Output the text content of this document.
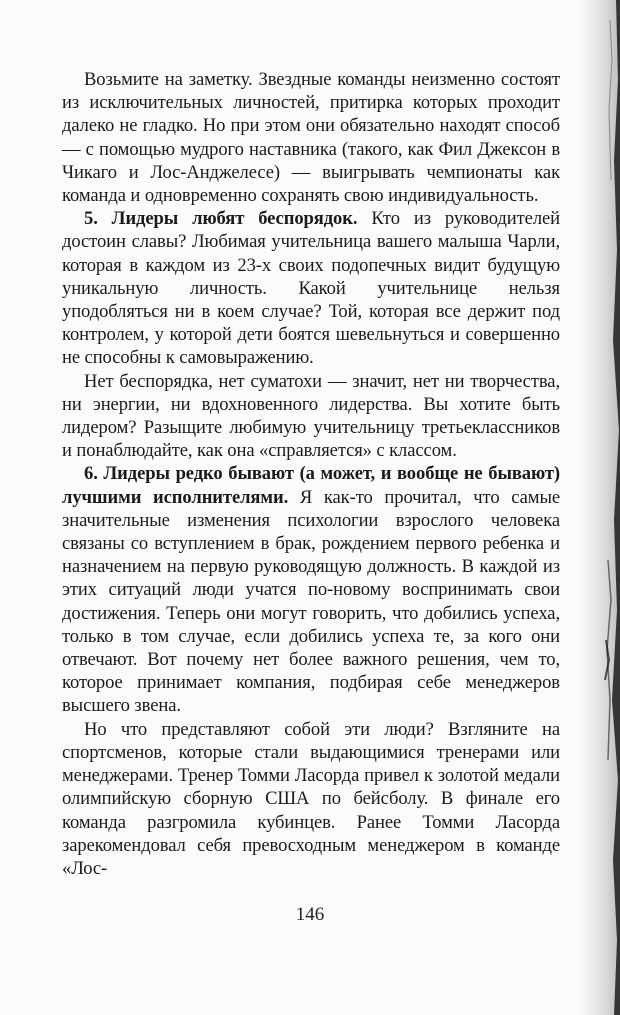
Возьмите на заметку. Звездные команды неизменно состоят из исключительных личностей, притирка которых проходит далеко не гладко. Но при этом они обязательно находят способ — с помощью мудрого наставника (такого, как Фил Джексон в Чикаго и Лос-Анджелесе) — выигрывать чемпионаты как команда и одновременно сохранять свою индивидуальность.

5. Лидеры любят беспорядок. Кто из руководителей достоин славы? Любимая учительница вашего малыша Чарли, которая в каждом из 23-х своих подопечных видит будущую уникальную личность. Какой учительнице нельзя уподобляться ни в коем случае? Той, которая все держит под контролем, у которой дети боятся шевельнуться и совершенно не способны к самовыражению.

Нет беспорядка, нет суматохи — значит, нет ни творчества, ни энергии, ни вдохновенного лидерства. Вы хотите быть лидером? Разыщите любимую учительницу третьеклассников и понаблюдайте, как она «справляется» с классом.

6. Лидеры редко бывают (а может, и вообще не бывают) лучшими исполнителями. Я как-то прочитал, что самые значительные изменения психологии взрослого человека связаны со вступлением в брак, рождением первого ребенка и назначением на первую руководящую должность. В каждой из этих ситуаций люди учатся по-новому воспринимать свои достижения. Теперь они могут говорить, что добились успеха, только в том случае, если добились успеха те, за кого они отвечают. Вот почему нет более важного решения, чем то, которое принимает компания, подбирая себе менеджеров высшего звена.

Но что представляют собой эти люди? Взгляните на спортсменов, которые стали выдающимися тренерами или менеджерами. Тренер Томми Ласорда привел к золотой медали олимпийскую сборную США по бейсболу. В финале его команда разгромила кубинцев. Ранее Томми Ласорда зарекомендовал себя превосходным менеджером в команде «Лос-

146
